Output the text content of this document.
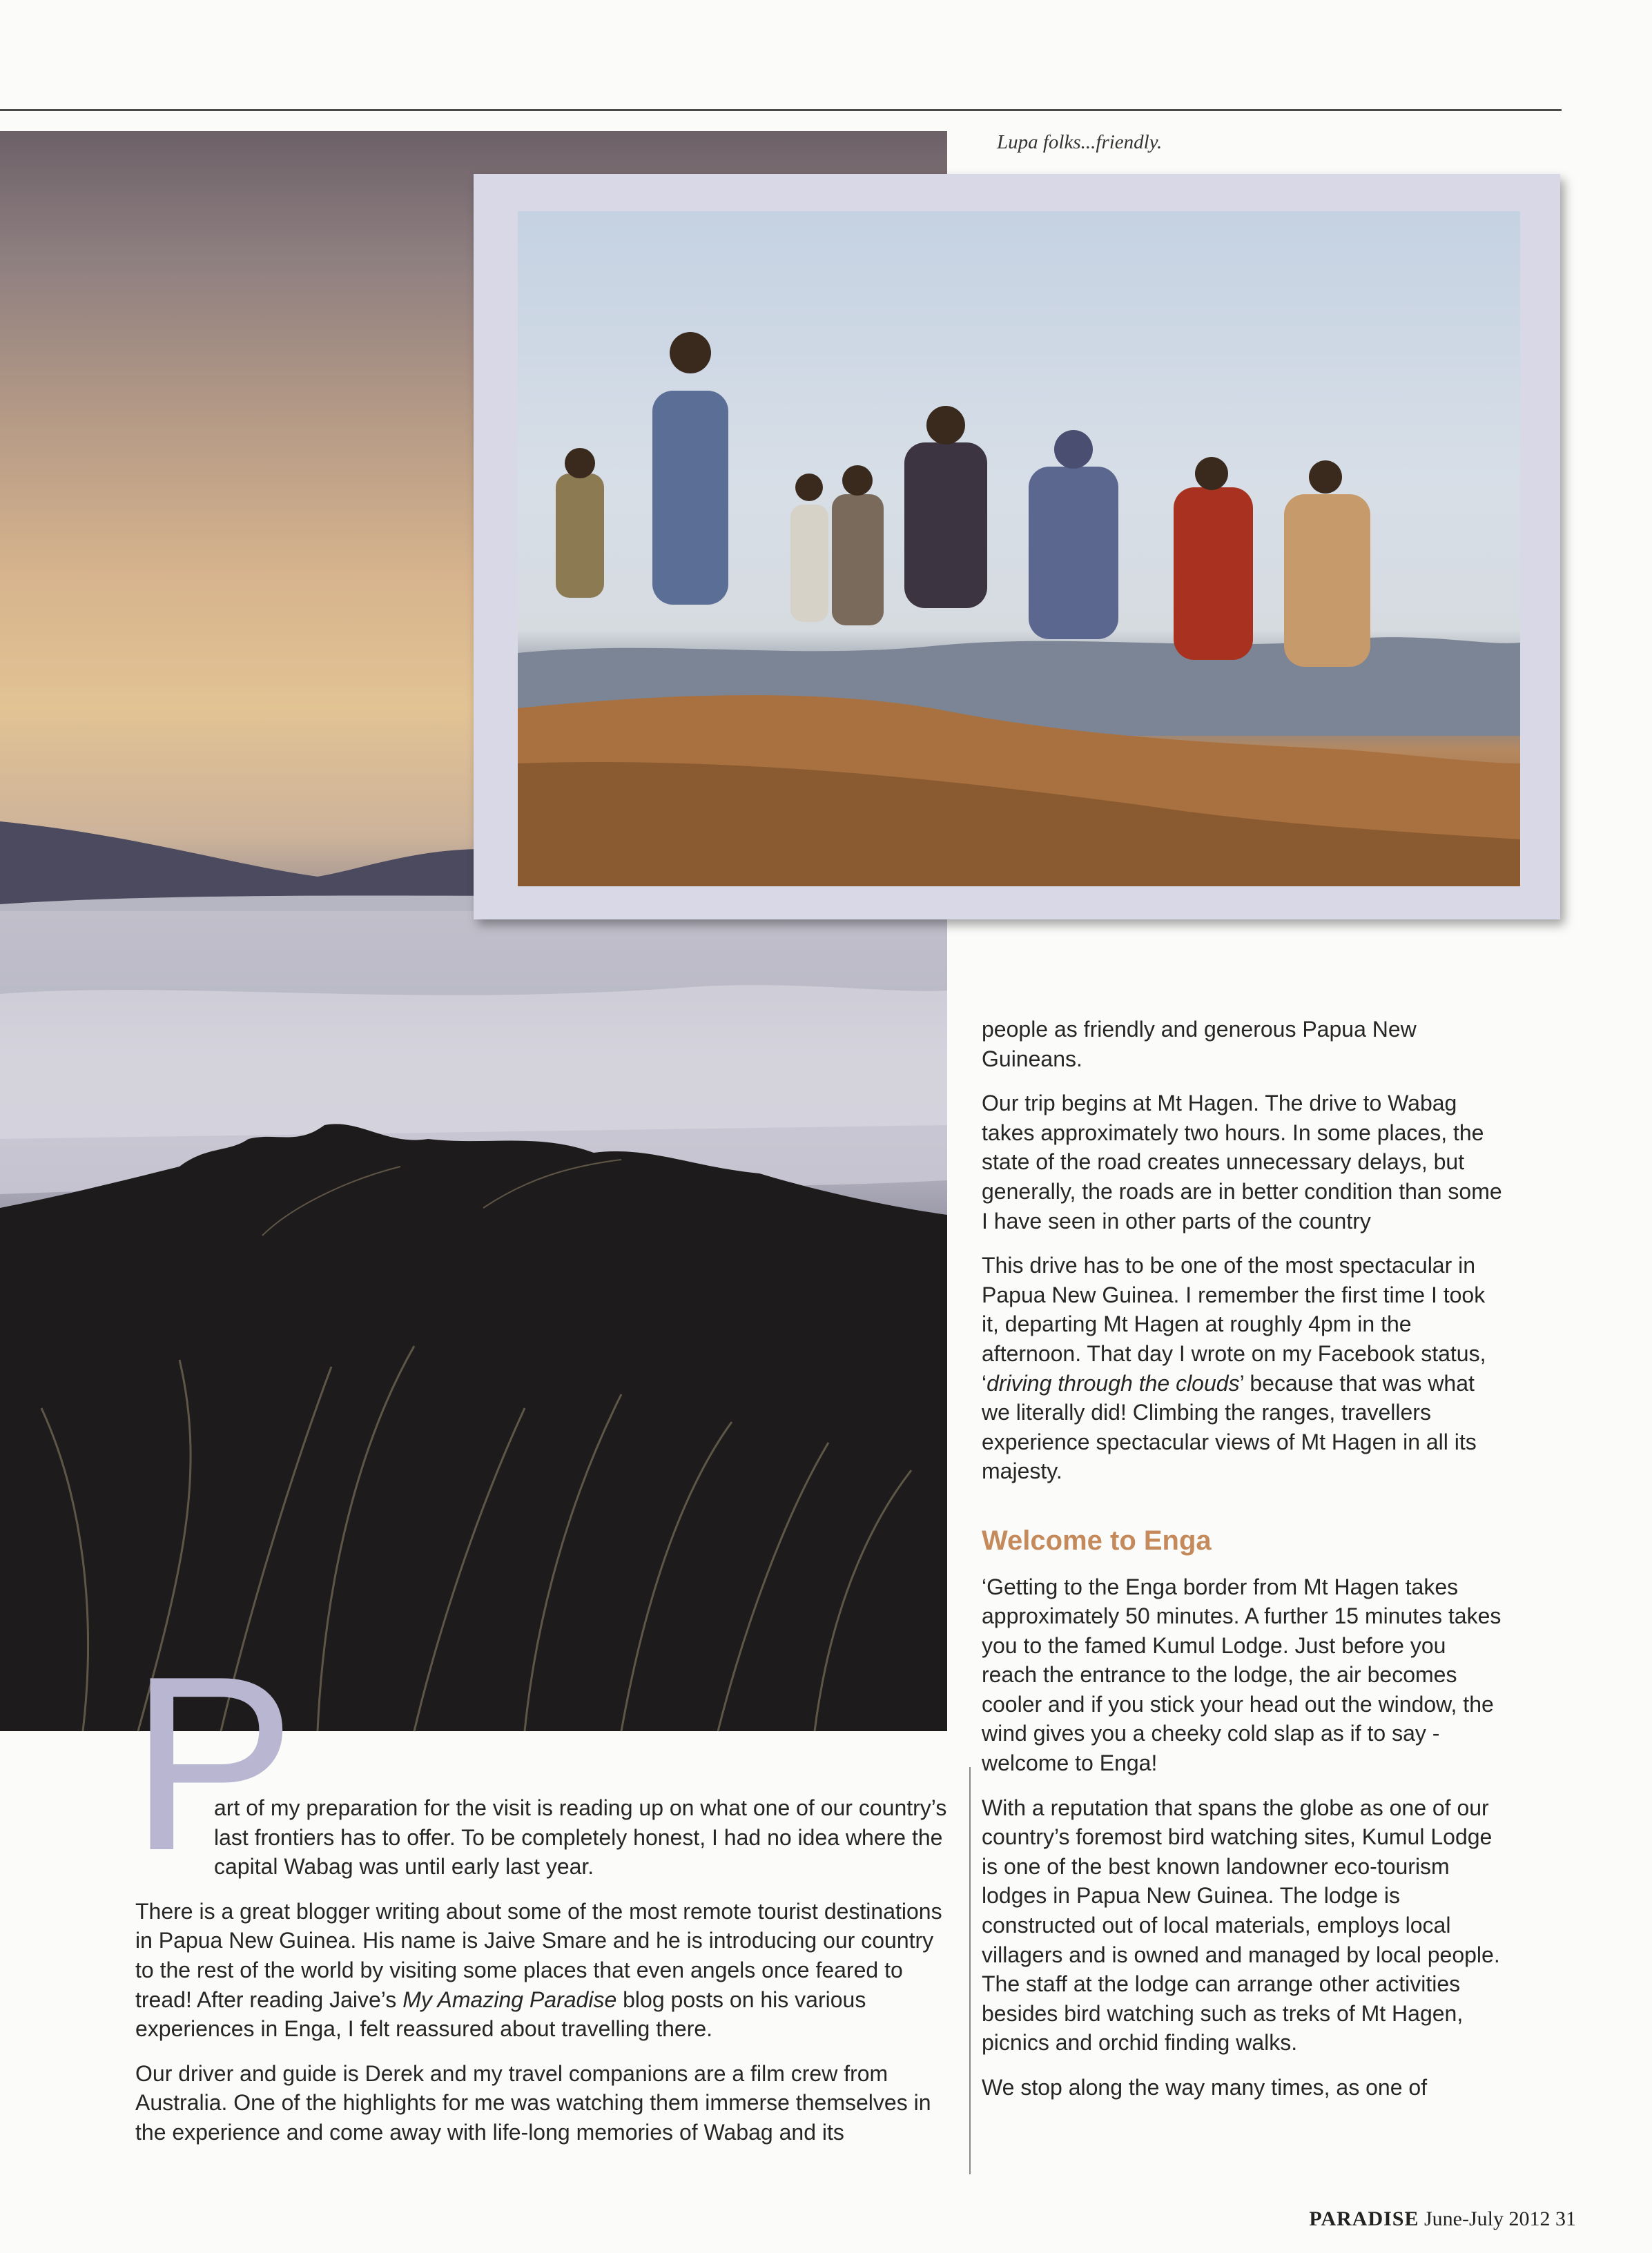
Lupa folks...friendly.

people as friendly and generous Papua New Guineans.

Our trip begins at Mt Hagen. The drive to Wabag takes approximately two hours. In some places, the state of the road creates unnecessary delays, but generally, the roads are in better condition than some I have seen in other parts of the country

This drive has to be one of the most spectacular in Papua New Guinea. I remember the first time I took it, departing Mt Hagen at roughly 4pm in the afternoon. That day I wrote on my Facebook status, ‘driving through the clouds’ because that was what we literally did! Climbing the ranges, travellers experience spectacular views of Mt Hagen in all its majesty.

Welcome to Enga

‘Getting to the Enga border from Mt Hagen takes approximately 50 minutes. A further 15 minutes takes you to the famed Kumul Lodge. Just before you reach the entrance to the lodge, the air becomes cooler and if you stick your head out the window, the wind gives you a cheeky cold slap as if to say - welcome to Enga!

With a reputation that spans the globe as one of our country’s foremost bird watching sites, Kumul Lodge is one of the best known landowner eco-tourism lodges in Papua New Guinea. The lodge is constructed out of local materials, employs local villagers and is owned and managed by local people. The staff at the lodge can arrange other activities besides bird watching such as treks of Mt Hagen, picnics and orchid finding walks.

We stop along the way many times, as one of

P

art of my preparation for the visit is reading up on what one of our country’s last frontiers has to offer. To be completely honest, I had no idea where the capital Wabag was until early last year.

There is a great blogger writing about some of the most remote tourist destinations in Papua New Guinea. His name is Jaive Smare and he is introducing our country to the rest of the world by visiting some places that even angels once feared to tread! After reading Jaive’s My Amazing Paradise blog posts on his various experiences in Enga, I felt reassured about travelling there.

Our driver and guide is Derek and my travel companions are a film crew from Australia. One of the highlights for me was watching them immerse themselves in the experience and come away with life-long memories of Wabag and its

PARADISE June-July 2012 31
